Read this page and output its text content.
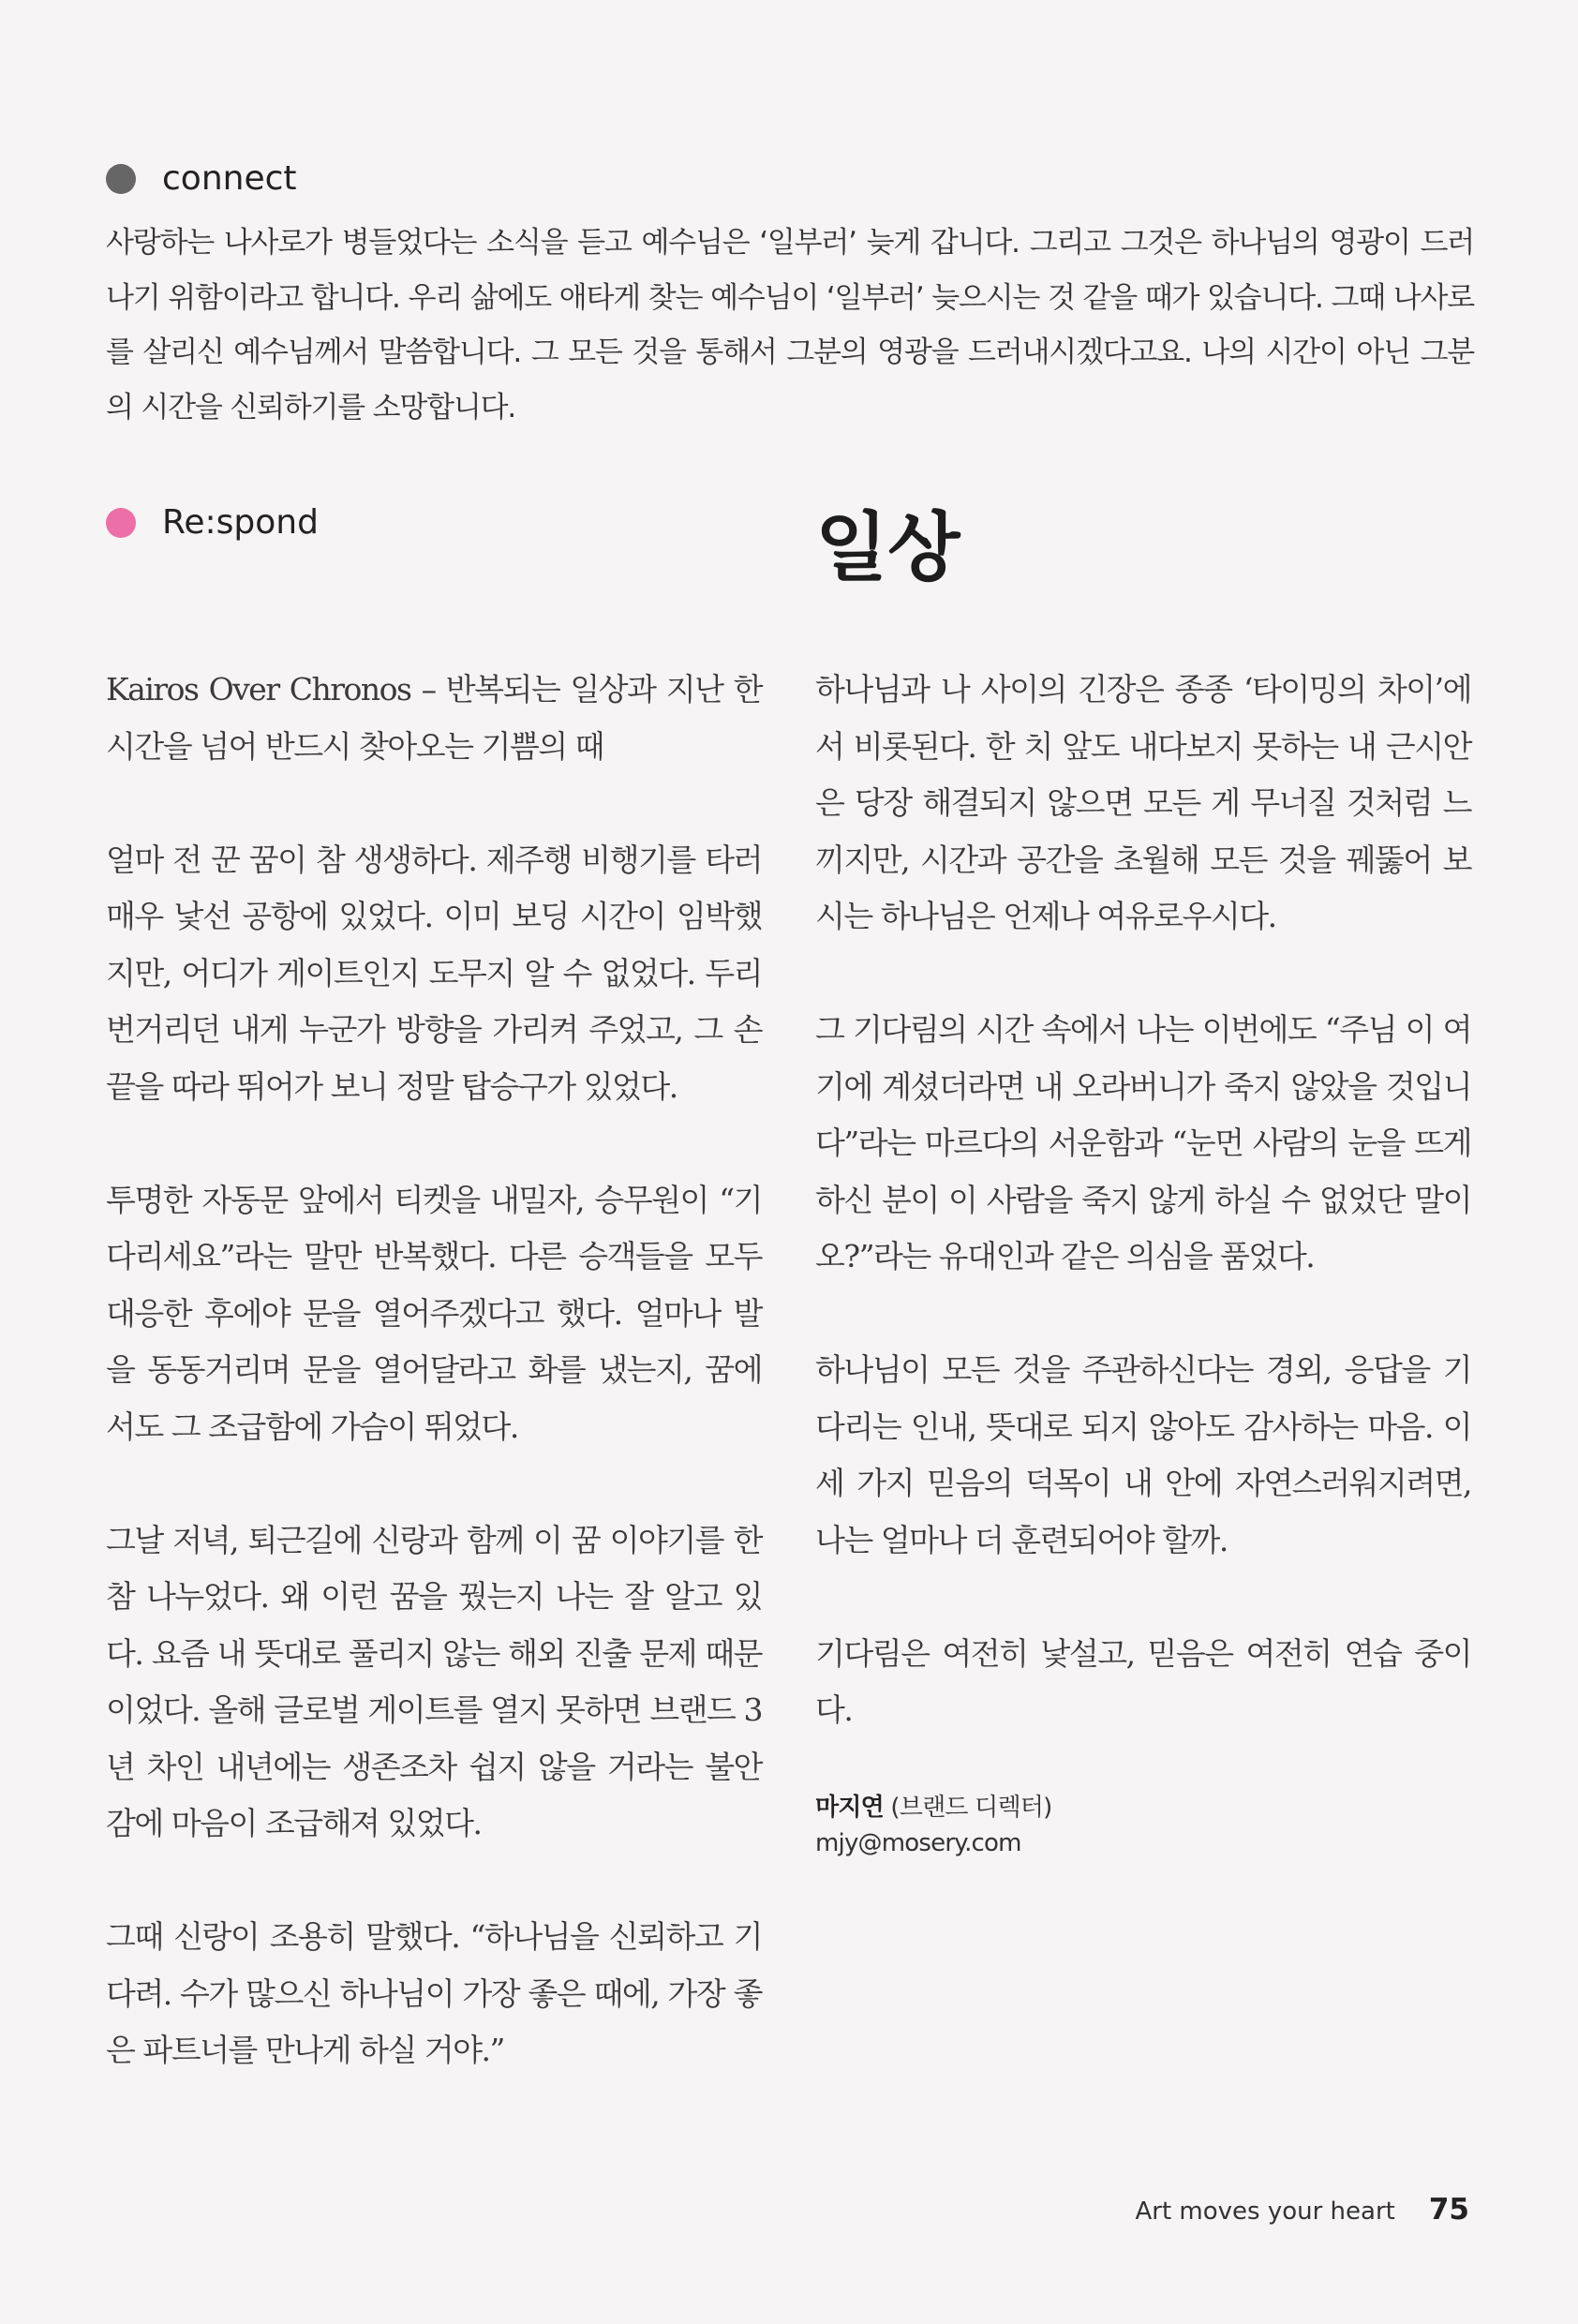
connect

사랑하는 나사로가 병들었다는 소식을 듣고 예수님은 ‘일부러’ 늦게 갑니다. 그리고 그것은 하나님의 영광이 드러나기 위함이라고 합니다. 우리 삶에도 애타게 찾는 예수님이 ‘일부러’ 늦으시는 것 같을 때가 있습니다. 그때 나사로를 살리신 예수님께서 말씀합니다. 그 모든 것을 통해서 그분의 영광을 드러내시겠다고요. 나의 시간이 아닌 그분의 시간을 신뢰하기를 소망합니다.

Re:spond	일상

Kairos Over Chronos – 반복되는 일상과 지난 한 시간을 넘어 반드시 찾아오는 기쁨의 때

얼마 전 꾼 꿈이 참 생생하다. 제주행 비행기를 타러 매우 낯선 공항에 있었다. 이미 보딩 시간이 임박했지만, 어디가 게이트인지 도무지 알 수 없었다. 두리번거리던 내게 누군가 방향을 가리켜 주었고, 그 손끝을 따라 뛰어가 보니 정말 탑승구가 있었다.

투명한 자동문 앞에서 티켓을 내밀자, 승무원이 “기다리세요”라는 말만 반복했다. 다른 승객들을 모두 대응한 후에야 문을 열어주겠다고 했다. 얼마나 발을 동동거리며 문을 열어달라고 화를 냈는지, 꿈에서도 그 조급함에 가슴이 뛰었다.

그날 저녁, 퇴근길에 신랑과 함께 이 꿈 이야기를 한참 나누었다. 왜 이런 꿈을 꿨는지 나는 잘 알고 있다. 요즘 내 뜻대로 풀리지 않는 해외 진출 문제 때문이었다. 올해 글로벌 게이트를 열지 못하면 브랜드 3년 차인 내년에는 생존조차 쉽지 않을 거라는 불안감에 마음이 조급해져 있었다.

그때 신랑이 조용히 말했다. “하나님을 신뢰하고 기다려. 수가 많으신 하나님이 가장 좋은 때에, 가장 좋은 파트너를 만나게 하실 거야.”

하나님과 나 사이의 긴장은 종종 ‘타이밍의 차이’에서 비롯된다. 한 치 앞도 내다보지 못하는 내 근시안은 당장 해결되지 않으면 모든 게 무너질 것처럼 느끼지만, 시간과 공간을 초월해 모든 것을 꿰뚫어 보시는 하나님은 언제나 여유로우시다.

그 기다림의 시간 속에서 나는 이번에도 “주님 이 여기에 계셨더라면 내 오라버니가 죽지 않았을 것입니다”라는 마르다의 서운함과 “눈먼 사람의 눈을 뜨게 하신 분이 이 사람을 죽지 않게 하실 수 없었단 말이오?”라는 유대인과 같은 의심을 품었다.

하나님이 모든 것을 주관하신다는 경외, 응답을 기다리는 인내, 뜻대로 되지 않아도 감사하는 마음. 이 세 가지 믿음의 덕목이 내 안에 자연스러워지려면, 나는 얼마나 더 훈련되어야 할까.

기다림은 여전히 낯설고, 믿음은 여전히 연습 중이다.

마지연 (브랜드 디렉터)
mjy@mosery.com
Art moves your heart 75
